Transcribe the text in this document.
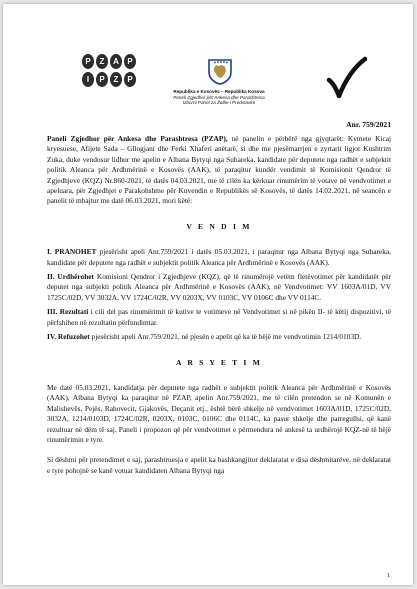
P	Z	A	P
I	P	Z	P
Republika e Kosovës – Republika Kosova
Paneli Zgjedhor për Ankesa dhe Parashtresa
Izborni Panel za Žalbe i Predstavke
Anr. 759/2021

Paneli Zgjedhor për Ankesa dhe Parashtresa (PZAP), në panelin e përbërë nga gjyqtarët: Kymete Kicaj kryesuese, Afijete Sada – Gllogjani dhe Ferki Xhaferi anëtarë, si dhe me pjesëmarrjen e zyrtarit ligjor Kushtrim Zuka, duke vendosur lidhur me apelin e Albana Bytyqi nga Suhareka, kandidate për deputete nga radhët e subjektit politik Aleanca për Ardhmërinë e Kosovës (AAK), të paraqitur kundër vendimit të Komisionit Qendror të Zgjedhjeve (KQZ) Nr.860-2021, të datës 04.03.2021, me të cilën ka kërkuar rinumërim të votave në vendvotimet e apeluara, për Zgjedhjet e Parakohshme për Kuvendin e Republikës së Kosovës, të datës 14.02.2021, në seancën e panelit të mbajtur me datë 06.03.2021, mori këtë:

V E N D I M

I. PRANOHET pjesërisht apeli Anr.759/2021 i datës 05.03.2021, i paraqitur nga Albana Bytyqi nga Suhareka, kandidate për deputete nga radhët e subjektit politik Aleanca për Ardhmërinë e Kosovës (AAK).

II. Urdhërohet Komisioni Qendror i Zgjedhjeve (KQZ), që të rinumërojë vetëm fletëvotimet për kandidatët për deputet nga subjekti politik Aleanca për Ardhmërinë e Kosovës (AAK), në Vendvotimet: VV 1603A/01D, VV 1725C/02D, VV 3032A, VV 1724C/02R, VV 0203X, VV 0103C, VV 0106C dhe VV 0114C.

III. Rezultati i cili del pas rinumërimit të kutive te votimeve në Vendvotimet si në pikën II- të këtij dispozitivi, të përfshihen në rezultatin përfundimtar.

IV. Refuzohet pjesërisht apeli Anr.759/2021, në pjesën e apelit që ka të bëjë me vendvotimin 1214/0103D.

A R S Y E T I M

Me datë 05.03.2021, kandidatja për deputete nga radhët e subjektit politik Aleanca për Ardhmërinë e Kosovës (AAK), Albana Bytyqi ka paraqitur në PZAP, apelin Anr.759/2021, me të cilën pretendon se në Komunën e Malishevës, Pejës, Rahovecit, Gjakovës, Deçanit etj., është bërë shkelje në vendvotimet 1603A/01D, 1725C/02D, 3032A, 1214/0103D, 1724C/02R, 0203X, 0103C, 0106C dhe 0114C, ka pasur shkelje dhe parregullsi, që kanë rezultuar në dëm të saj. Paneli i propozon që për vendvotimet e përmendura në ankesë ta urdhërojë KQZ-në të bëjë rinumërimin e tyre.

Si dëshmi për pretendimet e saj, parashtruesja e apelit ka bashkangjitur deklaratat e disa dëshmitarëve, në deklaratat e tyre pohojnë se kanë votuar kandidaten Albana Bytyqi nga

1
